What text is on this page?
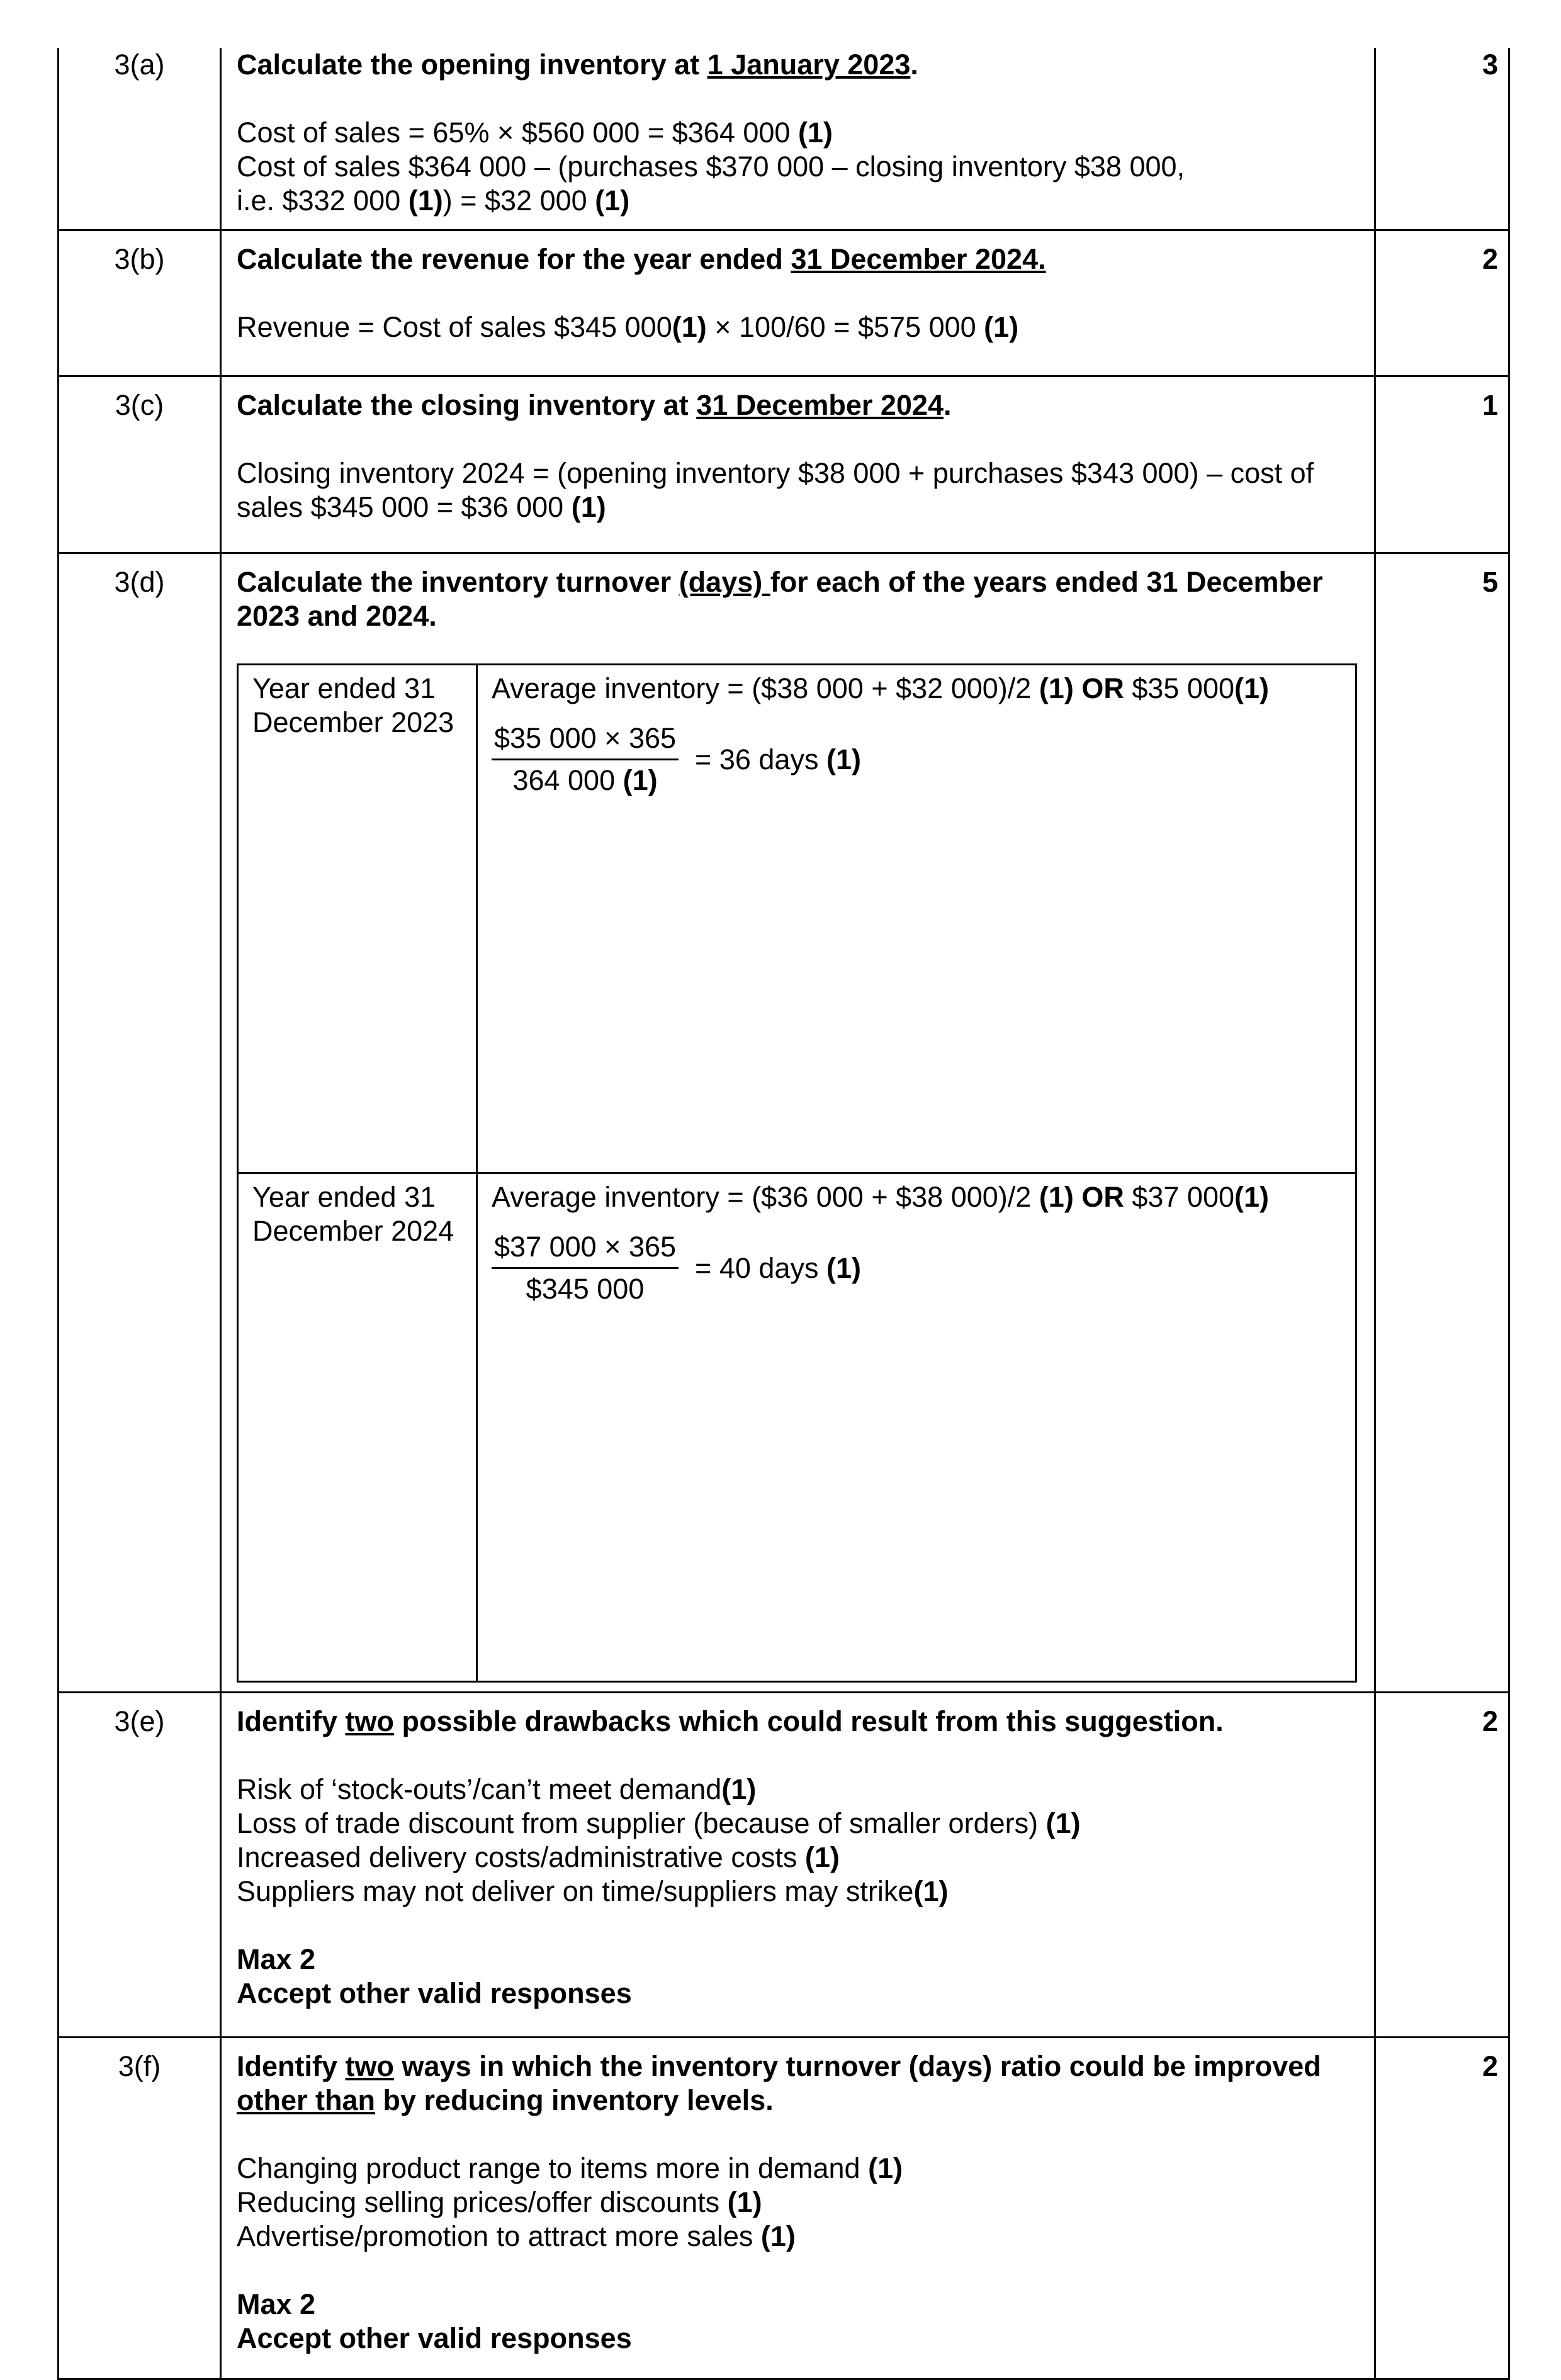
3(a)	Calculate the opening inventory at 1 January 2023.
Cost of sales = 65% × $560 000 = $364 000 (1)
Cost of sales $364 000 – (purchases $370 000 – closing inventory $38 000,
i.e. $332 000 (1)) = $32 000 (1)
	3
3(b)	Calculate the revenue for the year ended 31 December 2024.
Revenue = Cost of sales $345 000(1) × 100/60 = $575 000 (1)
	2
3(c)	Calculate the closing inventory at 31 December 2024.
Closing inventory 2024 = (opening inventory $38 000 + purchases $343 000) – cost of
sales $345 000 = $36 000 (1)
	1
3(d)	Calculate the inventory turnover (days) for each of the years ended 31 December 2023 and 2024.
Year ended 31 December 2023	
Average inventory = ($38 000 + $32 000)/2 (1) OR $35 000(1)
$\frac{\$35 000 \times 365}{364 000 (1)} = 36$ days (1)

Year ended 31 December 2024	
Average inventory = ($36 000 + $38 000)/2 (1) OR $37 000(1)
$\frac{\$37 000 \times 365}{\$345 000} = 40$ days (1)
	5
3(e)	Identify two possible drawbacks which could result from this suggestion.
Risk of ‘stock-outs’/can’t meet demand(1)
Loss of trade discount from supplier (because of smaller orders) (1)
Increased delivery costs/administrative costs (1)
Suppliers may not deliver on time/suppliers may strike(1)
Max 2
Accept other valid responses
	2
3(f)	Identify two ways in which the inventory turnover (days) ratio could be improved other than by reducing inventory levels.
Changing product range to items more in demand (1)
Reducing selling prices/offer discounts (1)
Advertise/promotion to attract more sales (1)
Max 2
Accept other valid responses
	2
